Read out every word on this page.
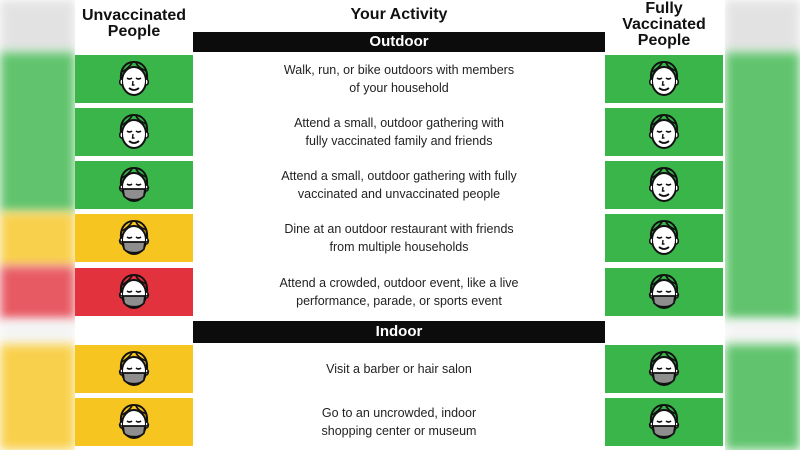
Unvaccinated
People
Your Activity	Fully
Vaccinated
People
Outdoor
Indoor
Walk, run, or bike outdoors with members
of your household
Attend a small, outdoor gathering with
fully vaccinated family and friends
Attend a small, outdoor gathering with fully
vaccinated and unvaccinated people
Dine at an outdoor restaurant with friends
from multiple households
Attend a crowded, outdoor event, like a live
performance, parade, or sports event
Visit a barber or hair salon
Go to an uncrowded, indoor
shopping center or museum
